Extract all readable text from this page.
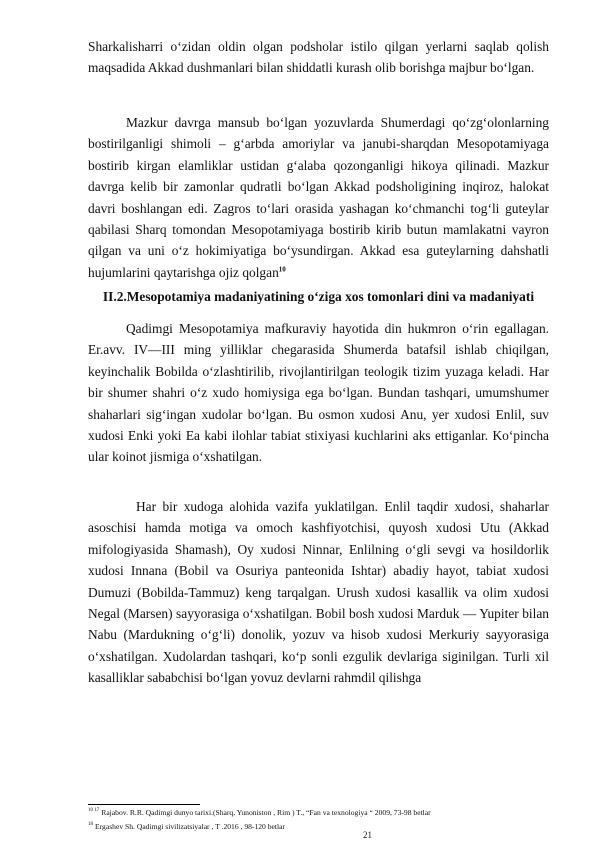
Sharkalisharri o‘zidan oldin olgan podsholar istilo qilgan yerlarni saqlab qolish maqsadida Akkad dushmanlari bilan shiddatli kurash olib borishga majbur bo‘lgan.

Mazkur davrga mansub bo‘lgan yozuvlarda Shumerdagi qo‘zg‘olonlarning bostirilganligi shimoli – g‘arbda amoriylar va janubi-sharqdan Mesopotamiyaga bostirib kirgan elamliklar ustidan g‘alaba qozonganligi hikoya qilinadi. Mazkur davrga kelib bir zamonlar qudratli bo‘lgan Akkad podsholigining inqiroz, halokat davri boshlangan edi. Zagros to‘lari orasida yashagan ko‘chmanchi tog‘li guteylar qabilasi Sharq tomondan Mesopotamiyaga bostirib kirib butun mamlakatni vayron qilgan va uni o‘z hokimiyatiga bo‘ysundirgan. Akkad esa guteylarning dahshatli hujumlarini qaytarishga ojiz qolgan$^{10}$

II.2.Mesopotamiya madaniyatining o‘ziga xos tomonlari dini va madaniyati

Qadimgi Mesopotamiya mafkuraviy hayotida din hukmron o‘rin egallagan. Er.avv. IV—III ming yilliklar chegarasida Shumerda batafsil ishlab chiqilgan, keyinchalik Bobilda o‘zlashtirilib, rivojlantirilgan teologik tizim yuzaga keladi. Har bir shumer shahri o‘z xudo homiysiga ega bo‘lgan. Bundan tashqari, umumshumer shaharlari sig‘ingan xudolar bo‘lgan. Bu osmon xudosi Anu, yer xudosi Enlil, suv xudosi Enki yoki Ea kabi ilohlar tabiat stixiyasi kuchlarini aks ettiganlar. Ko‘pincha ular koinot jismiga o‘xshatilgan.

Har bir xudoga alohida vazifa yuklatilgan. Enlil taqdir xudosi, shaharlar asoschisi hamda motiga va omoch kashfiyotchisi, quyosh xudosi Utu (Akkad mifologiyasida Shamash), Oy xudosi Ninnar, Enlilning o‘gli sevgi va hosildorlik xudosi Innana (Bobil va Osuriya panteonida Ishtar) abadiy hayot, tabiat xudosi Dumuzi (Bobilda-Tammuz) keng tarqalgan. Urush xudosi kasallik va olim xudosi Negal (Marsen) sayyorasiga o‘xshatilgan. Bobil bosh xudosi Marduk — Yupiter bilan Nabu (Mardukning o‘g‘li) donolik, yozuv va hisob xudosi Merkuriy sayyorasiga o‘xshatilgan. Xudolardan tashqari, ko‘p sonli ezgulik devlariga siginilgan. Turli xil kasalliklar sababchisi bo‘lgan yovuz devlarni rahmdil qilishga

$^{10 17}$ Rajabov. R.R. Qadimgi dunyo tarixi.(Sharq, Yunoniston , Rim ) T., “Fan va texnologiya “ 2009, 73-98 betlar

$^{18}$ Ergashev Sh. Qadimgi sivilizatsiyalar , T .2016 , 98-120 betlar

21
